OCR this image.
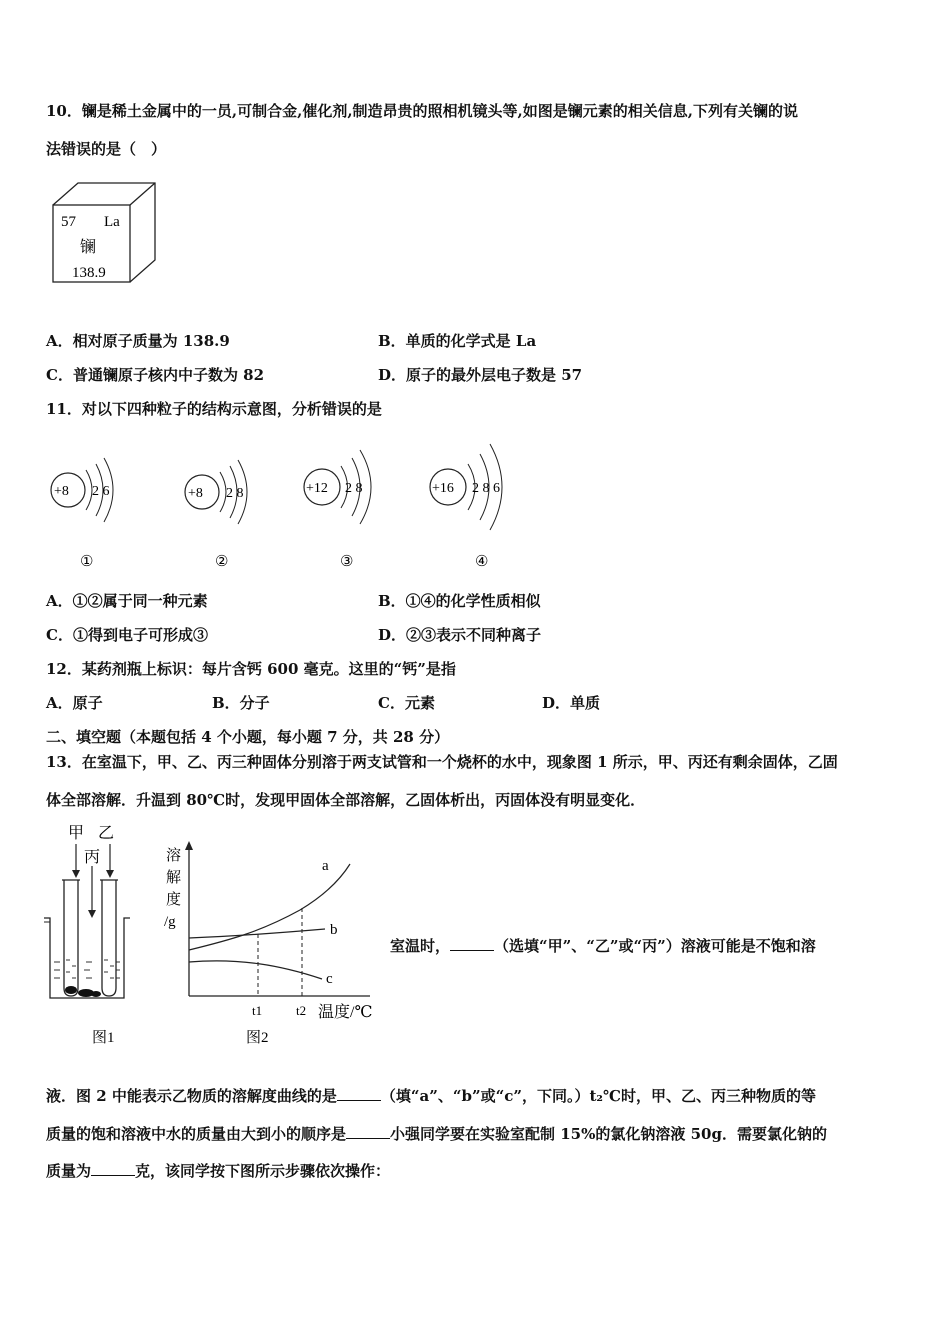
10．镧是稀土金属中的一员,可制合金,催化剂,制造昂贵的照相机镜头等,如图是镧元素的相关信息,下列有关镧的说
法错误的是（　）
57 La
镧
138.9
A．相对原子质量为 138.9	B．单质的化学式是 La
C．普通镧原子核内中子数为 82	D．原子的最外层电子数是 57
11．对以下四种粒子的结构示意图，分析错误的是
+8 2 6
①
+8 2 8
②
+12 2 8
③
+16 2 8 6
④
A．①②属于同一种元素	B．①④的化学性质相似
C．①得到电子可形成③	D．②③表示不同种离子
12．某药剂瓶上标识：每片含钙 600 毫克。这里的“钙”是指
A．原子	B．分子	C．元素	D．单质
二、填空题（本题包括 4 个小题，每小题 7 分，共 28 分）
13．在室温下，甲、乙、丙三种固体分别溶于两支试管和一个烧杯的水中，现象图 1 所示，甲、丙还有剩余固体，乙固
体全部溶解．升温到 80℃时，发现甲固体全部溶解，乙固体析出，丙固体没有明显变化．
甲 乙
丙
图1
溶
解
度
/g
a
b
c
t1	t2 温度/℃
图2
室温时，	（选填“甲”、“乙”或“丙”）溶液可能是不饱和溶
液．图 2 中能表示乙物质的溶解度曲线的是	（填“a”、“b”或“c”，下同。）t₂℃时，甲、乙、丙三种物质的等
质量的饱和溶液中水的质量由大到小的顺序是	小强同学要在实验室配制 15%的氯化钠溶液 50g．需要氯化钠的
质量为	克，该同学按下图所示步骤依次操作：
